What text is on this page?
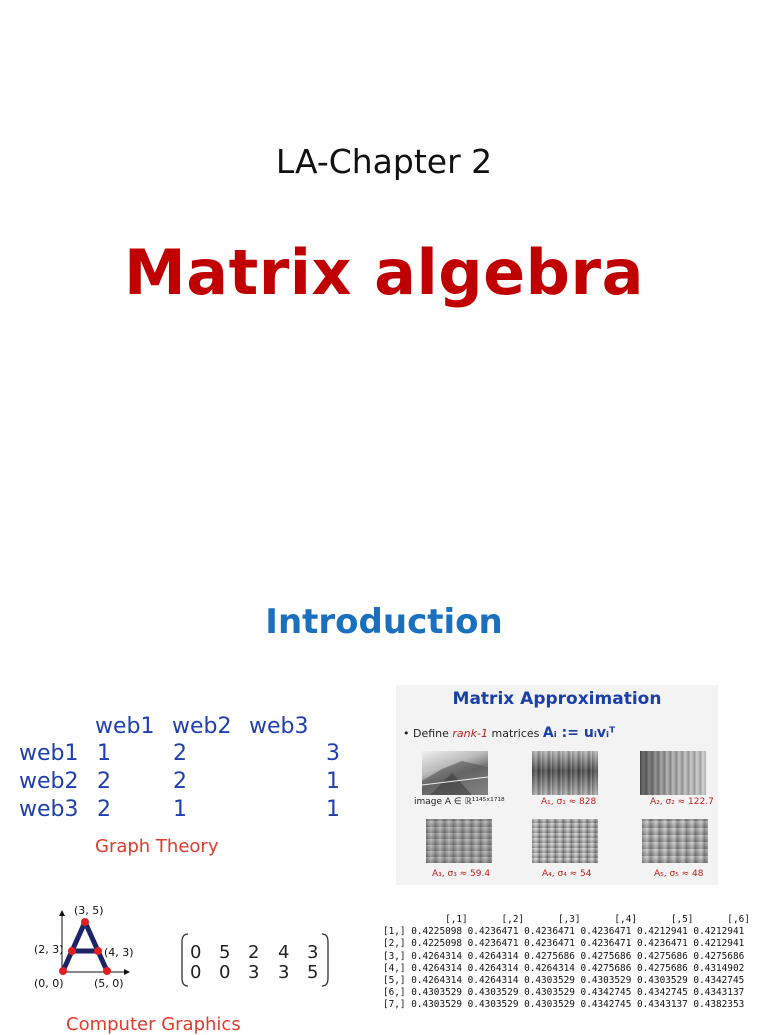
LA-Chapter 2
Matrix algebra
Introduction
web1 web2 web3
web1 1	2	3
web2 2	2	1
web3 2	1	1
Graph Theory
Matrix Approximation
• Define rank-1 matrices Aᵢ := uᵢvᵢᵀ
image A ∈ ℝ¹¹⁴⁵ˣ¹⁷¹⁸	A₁, σ₁ ≈ 828	A₂, σ₂ ≈ 122.7
A₃, σ₃ ≈ 59.4	A₄, σ₄ ≈ 54	A₅, σ₅ ≈ 48
(3, 5)
(2, 3)	(4, 3)
(0, 0)	(5, 0)
0 5 2 4 3
0 0 3 3 5
Computer Graphics
[,1]      [,2]      [,3]      [,4]      [,5]      [,6]
[1,] 0.4225098 0.4236471 0.4236471 0.4236471 0.4212941 0.4212941
[2,] 0.4225098 0.4236471 0.4236471 0.4236471 0.4236471 0.4212941
[3,] 0.4264314 0.4264314 0.4275686 0.4275686 0.4275686 0.4275686
[4,] 0.4264314 0.4264314 0.4264314 0.4275686 0.4275686 0.4314902
[5,] 0.4264314 0.4264314 0.4303529 0.4303529 0.4303529 0.4342745
[6,] 0.4303529 0.4303529 0.4303529 0.4342745 0.4342745 0.4343137
[7,] 0.4303529 0.4303529 0.4303529 0.4342745 0.4343137 0.4382353
